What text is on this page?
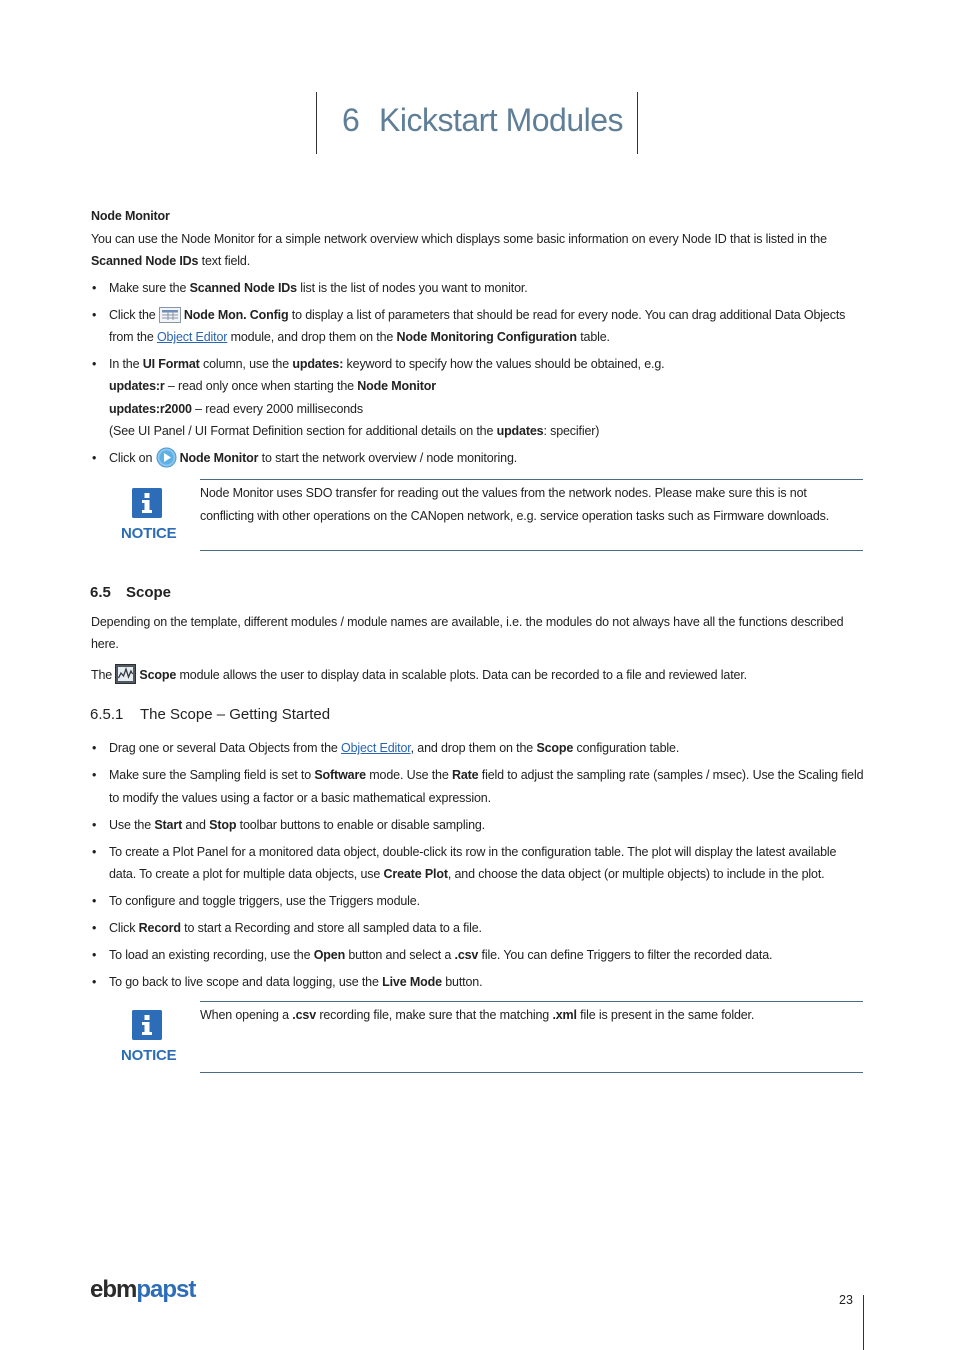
6 Kickstart Modules
Node Monitor
You can use the Node Monitor for a simple network overview which displays some basic information on every Node ID that is listed in the
Scanned Node IDs text field.
• Make sure the Scanned Node IDs list is the list of nodes you want to monitor.
• Click the Node Mon. Config to display a list of parameters that should be read for every node. You can drag additional Data Objects from the Object Editor module, and drop them on the Node Monitoring Configuration table.
• In the UI Format column, use the updates: keyword to specify how the values should be obtained, e.g.
updates:r – read only once when starting the Node Monitor
updates:r2000 – read every 2000 milliseconds
(See UI Panel / UI Format Definition section for additional details on the updates: specifier)
• Click on Node Monitor to start the network overview / node monitoring.
NOTICE
Node Monitor uses SDO transfer for reading out the values from the network nodes. Please make sure this is not conflicting with other operations on the CANopen network, e.g. service operation tasks such as Firmware downloads.
6.5 Scope
Depending on the template, different modules / module names are available, i.e. the modules do not always have all the functions described here.
The Scope module allows the user to display data in scalable plots. Data can be recorded to a file and reviewed later.
6.5.1 The Scope – Getting Started
• Drag one or several Data Objects from the Object Editor, and drop them on the Scope configuration table.
• Make sure the Sampling field is set to Software mode. Use the Rate field to adjust the sampling rate (samples / msec). Use the Scaling field to modify the values using a factor or a basic mathematical expression.
• Use the Start and Stop toolbar buttons to enable or disable sampling.
• To create a Plot Panel for a monitored data object, double-click its row in the configuration table. The plot will display the latest available data. To create a plot for multiple data objects, use Create Plot, and choose the data object (or multiple objects) to include in the plot.
• To configure and toggle triggers, use the Triggers module.
• Click Record to start a Recording and store all sampled data to a file.
• To load an existing recording, use the Open button and select a .csv file. You can define Triggers to filter the recorded data.
• To go back to live scope and data logging, use the Live Mode button.
NOTICE
When opening a .csv recording file, make sure that the matching .xml file is present in the same folder.
ebmpapst	23
